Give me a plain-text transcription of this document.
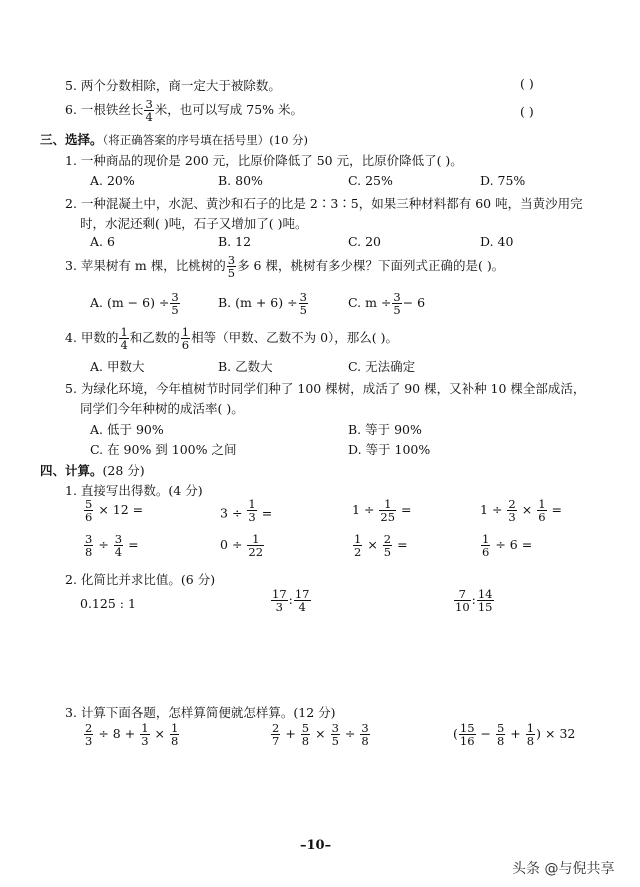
5. 两个分数相除，商一定大于被除数。	( )
6. 一根铁丝长 $\frac{3}{4}$ 米，也可以写成 75% 米。	( )
三、选择。（将正确答案的序号填在括号里）(10 分)
1. 一种商品的现价是 200 元，比原价降低了 50 元，比原价降低了( )。
A. 20%	B. 80%	C. 25%	D. 75%
2. 一种混凝土中，水泥、黄沙和石子的比是 2∶3∶5，如果三种材料都有 60 吨，当黄沙用完
时，水泥还剩( )吨，石子又增加了( )吨。
A. 6	B. 12	C. 20	D. 40
3. 苹果树有 m 棵，比桃树的 $\frac{3}{5}$ 多 6 棵，桃树有多少棵？下面列式正确的是( )。
A. $(m - 6) \div \frac{3}{5}$	B. $(m + 6) \div \frac{3}{5}$	C. $m \div \frac{3}{5} - 6$
4. 甲数的 $\frac{1}{4}$ 和乙数的 $\frac{1}{6}$ 相等（甲数、乙数不为 0），那么( )。
A. 甲数大	B. 乙数大	C. 无法确定
5. 为绿化环境，今年植树节时同学们种了 100 棵树，成活了 90 棵，又补种 10 棵全部成活，
同学们今年种树的成活率( )。
A. 低于 90%	B. 等于 90%
C. 在 90% 到 100% 之间	D. 等于 100%
四、计算。(28 分)
1. 直接写出得数。(4 分)
$\frac{5}{6} \times 12$ =	$3 \div \frac{1}{3}$ =	$1 \div \frac{1}{25}$ =	$1 \div \frac{2}{3} \times \frac{1}{6}$ =
$\frac{3}{8} \div \frac{3}{4}$ =	$0 \div \frac{1}{22}$	$\frac{1}{2} \times \frac{2}{5}$ =	$\frac{1}{6} \div 6$ =
2. 化简比并求比值。(6 分)
0.125 : 1	$\frac{17}{3}$ : $\frac{17}{4}$	$\frac{7}{10}$ : $\frac{14}{15}$
3. 计算下面各题，怎样算简便就怎样算。(12 分)
$\frac{2}{3} \div 8 + \frac{1}{3} \times \frac{1}{8}$	$\frac{2}{7} + \frac{5}{8} \times \frac{3}{5} \div \frac{3}{8}$	( $\frac{15}{16} - \frac{5}{8} + \frac{1}{8}$ ) × 32
–10–
头条 @与倪共享
